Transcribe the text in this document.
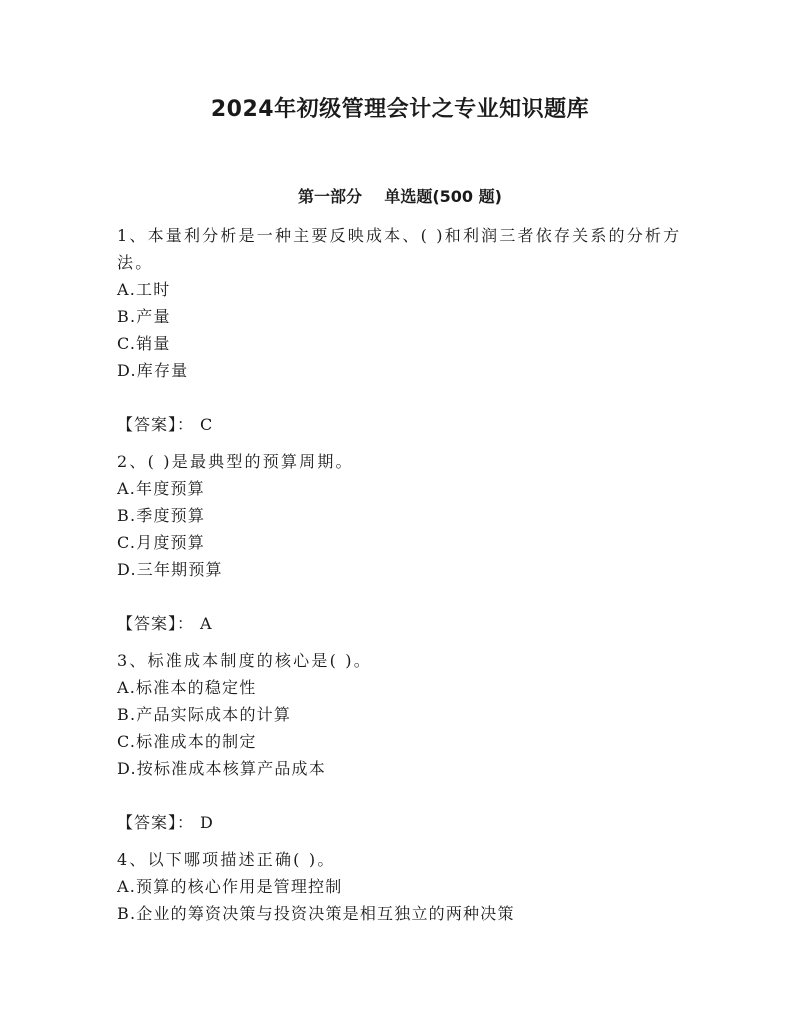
2024年初级管理会计之专业知识题库
第一部分    单选题(500 题)

1、本量利分析是一种主要反映成本、( )和利润三者依存关系的分析方法。

A.工时

B.产量

C.销量

D.库存量

【答案】： C

2、( )是最典型的预算周期。

A.年度预算

B.季度预算

C.月度预算

D.三年期预算

【答案】： A

3、标准成本制度的核心是( )。

A.标准本的稳定性

B.产品实际成本的计算

C.标准成本的制定

D.按标准成本核算产品成本

【答案】： D

4、以下哪项描述正确( )。

A.预算的核心作用是管理控制

B.企业的筹资决策与投资决策是相互独立的两种决策
